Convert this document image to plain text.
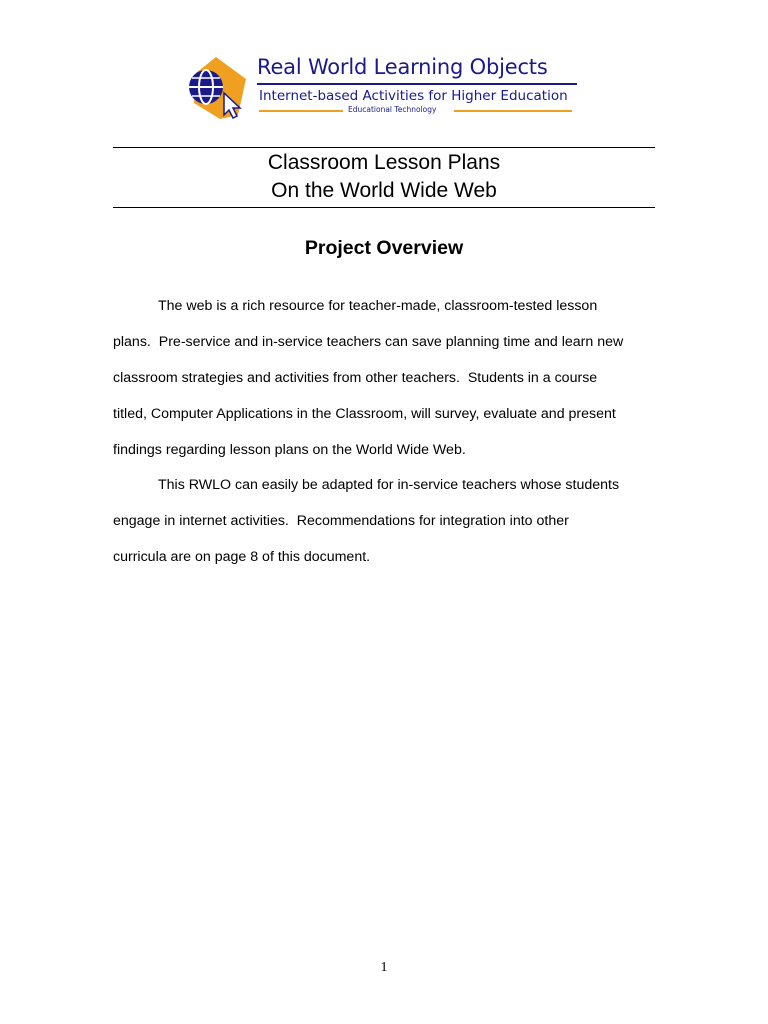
Real World Learning Objects
Internet-based Activities for Higher Education
Educational Technology
Classroom Lesson Plans
On the World Wide Web
Project Overview
The web is a rich resource for teacher-made, classroom-tested lesson
plans.  Pre-service and in-service teachers can save planning time and learn new
classroom strategies and activities from other teachers.  Students in a course
titled, Computer Applications in the Classroom, will survey, evaluate and present
findings regarding lesson plans on the World Wide Web.
This RWLO can easily be adapted for in-service teachers whose students
engage in internet activities.  Recommendations for integration into other
curricula are on page 8 of this document.
1
